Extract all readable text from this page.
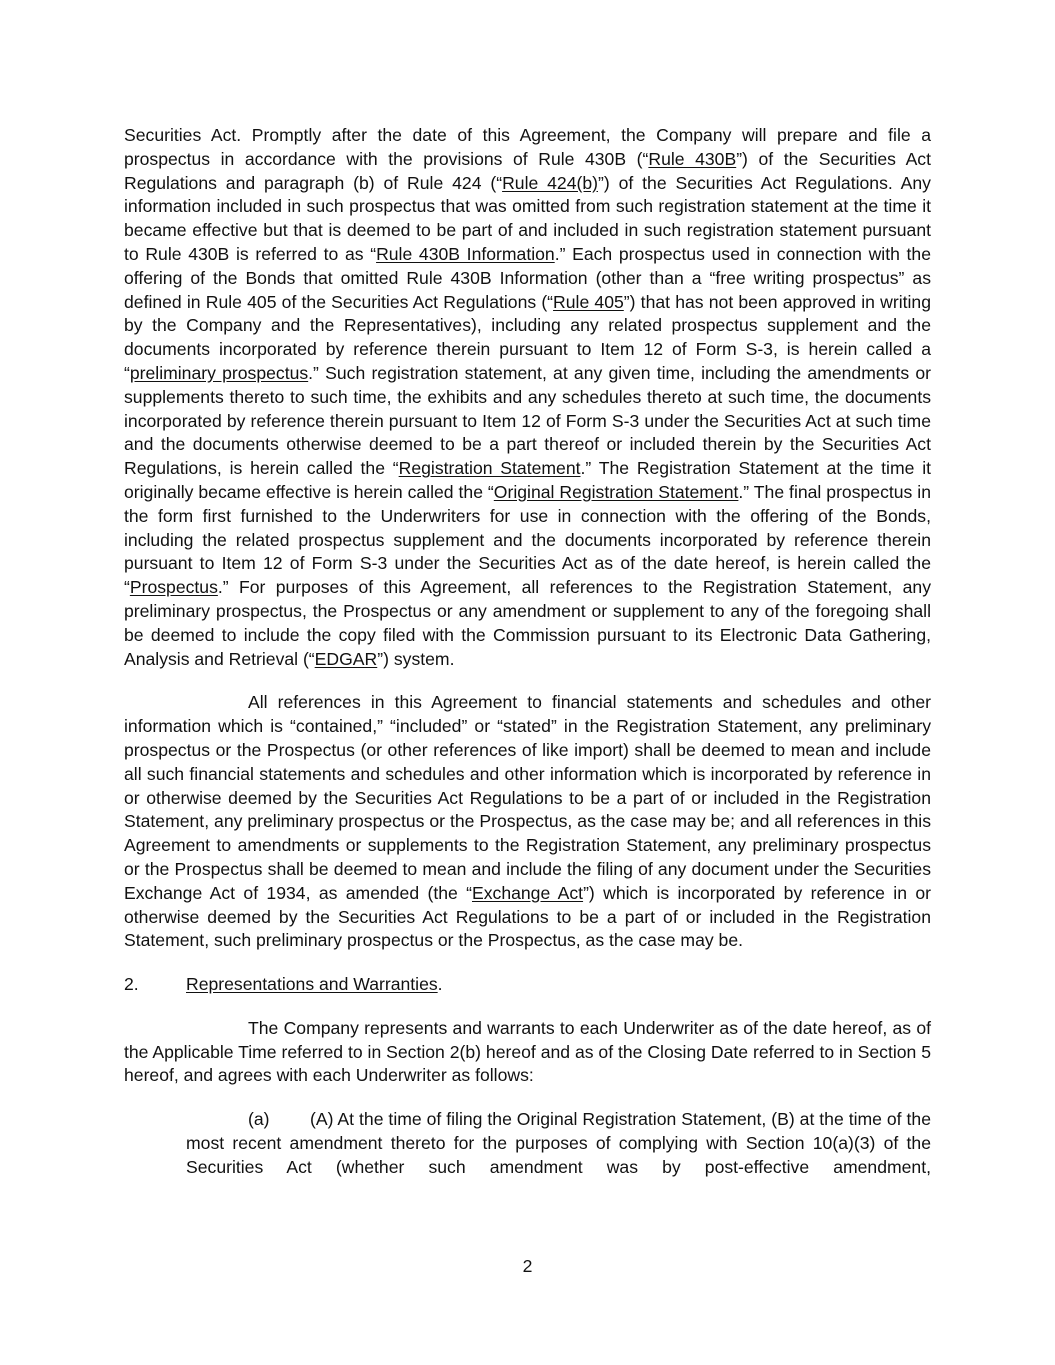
Securities Act. Promptly after the date of this Agreement, the Company will prepare and file a prospectus in accordance with the provisions of Rule 430B (“Rule 430B”) of the Securities Act Regulations and paragraph (b) of Rule 424 (“Rule 424(b)”) of the Securities Act Regulations. Any information included in such prospectus that was omitted from such registration statement at the time it became effective but that is deemed to be part of and included in such registration statement pursuant to Rule 430B is referred to as “Rule 430B Information.” Each prospectus used in connection with the offering of the Bonds that omitted Rule 430B Information (other than a “free writing prospectus” as defined in Rule 405 of the Securities Act Regulations (“Rule 405”) that has not been approved in writing by the Company and the Representatives), including any related prospectus supplement and the documents incorporated by reference therein pursuant to Item 12 of Form S-3, is herein called a “preliminary prospectus.” Such registration statement, at any given time, including the amendments or supplements thereto to such time, the exhibits and any schedules thereto at such time, the documents incorporated by reference therein pursuant to Item 12 of Form S-3 under the Securities Act at such time and the documents otherwise deemed to be a part thereof or included therein by the Securities Act Regulations, is herein called the “Registration Statement.” The Registration Statement at the time it originally became effective is herein called the “Original Registration Statement.” The final prospectus in the form first furnished to the Underwriters for use in connection with the offering of the Bonds, including the related prospectus supplement and the documents incorporated by reference therein pursuant to Item 12 of Form S-3 under the Securities Act as of the date hereof, is herein called the “Prospectus.” For purposes of this Agreement, all references to the Registration Statement, any preliminary prospectus, the Prospectus or any amendment or supplement to any of the foregoing shall be deemed to include the copy filed with the Commission pursuant to its Electronic Data Gathering, Analysis and Retrieval (“EDGAR”) system.

All references in this Agreement to financial statements and schedules and other information which is “contained,” “included” or “stated” in the Registration Statement, any preliminary prospectus or the Prospectus (or other references of like import) shall be deemed to mean and include all such financial statements and schedules and other information which is incorporated by reference in or otherwise deemed by the Securities Act Regulations to be a part of or included in the Registration Statement, any preliminary prospectus or the Prospectus, as the case may be; and all references in this Agreement to amendments or supplements to the Registration Statement, any preliminary prospectus or the Prospectus shall be deemed to mean and include the filing of any document under the Securities Exchange Act of 1934, as amended (the “Exchange Act”) which is incorporated by reference in or otherwise deemed by the Securities Act Regulations to be a part of or included in the Registration Statement, such preliminary prospectus or the Prospectus, as the case may be.

2.	Representations and Warranties.

The Company represents and warrants to each Underwriter as of the date hereof, as of the Applicable Time referred to in Section 2(b) hereof and as of the Closing Date referred to in Section 5 hereof, and agrees with each Underwriter as follows:

(a) (A) At the time of filing the Original Registration Statement, (B) at the time of the most recent amendment thereto for the purposes of complying with Section 10(a)(3) of the Securities Act (whether such amendment was by post-effective amendment,

2
